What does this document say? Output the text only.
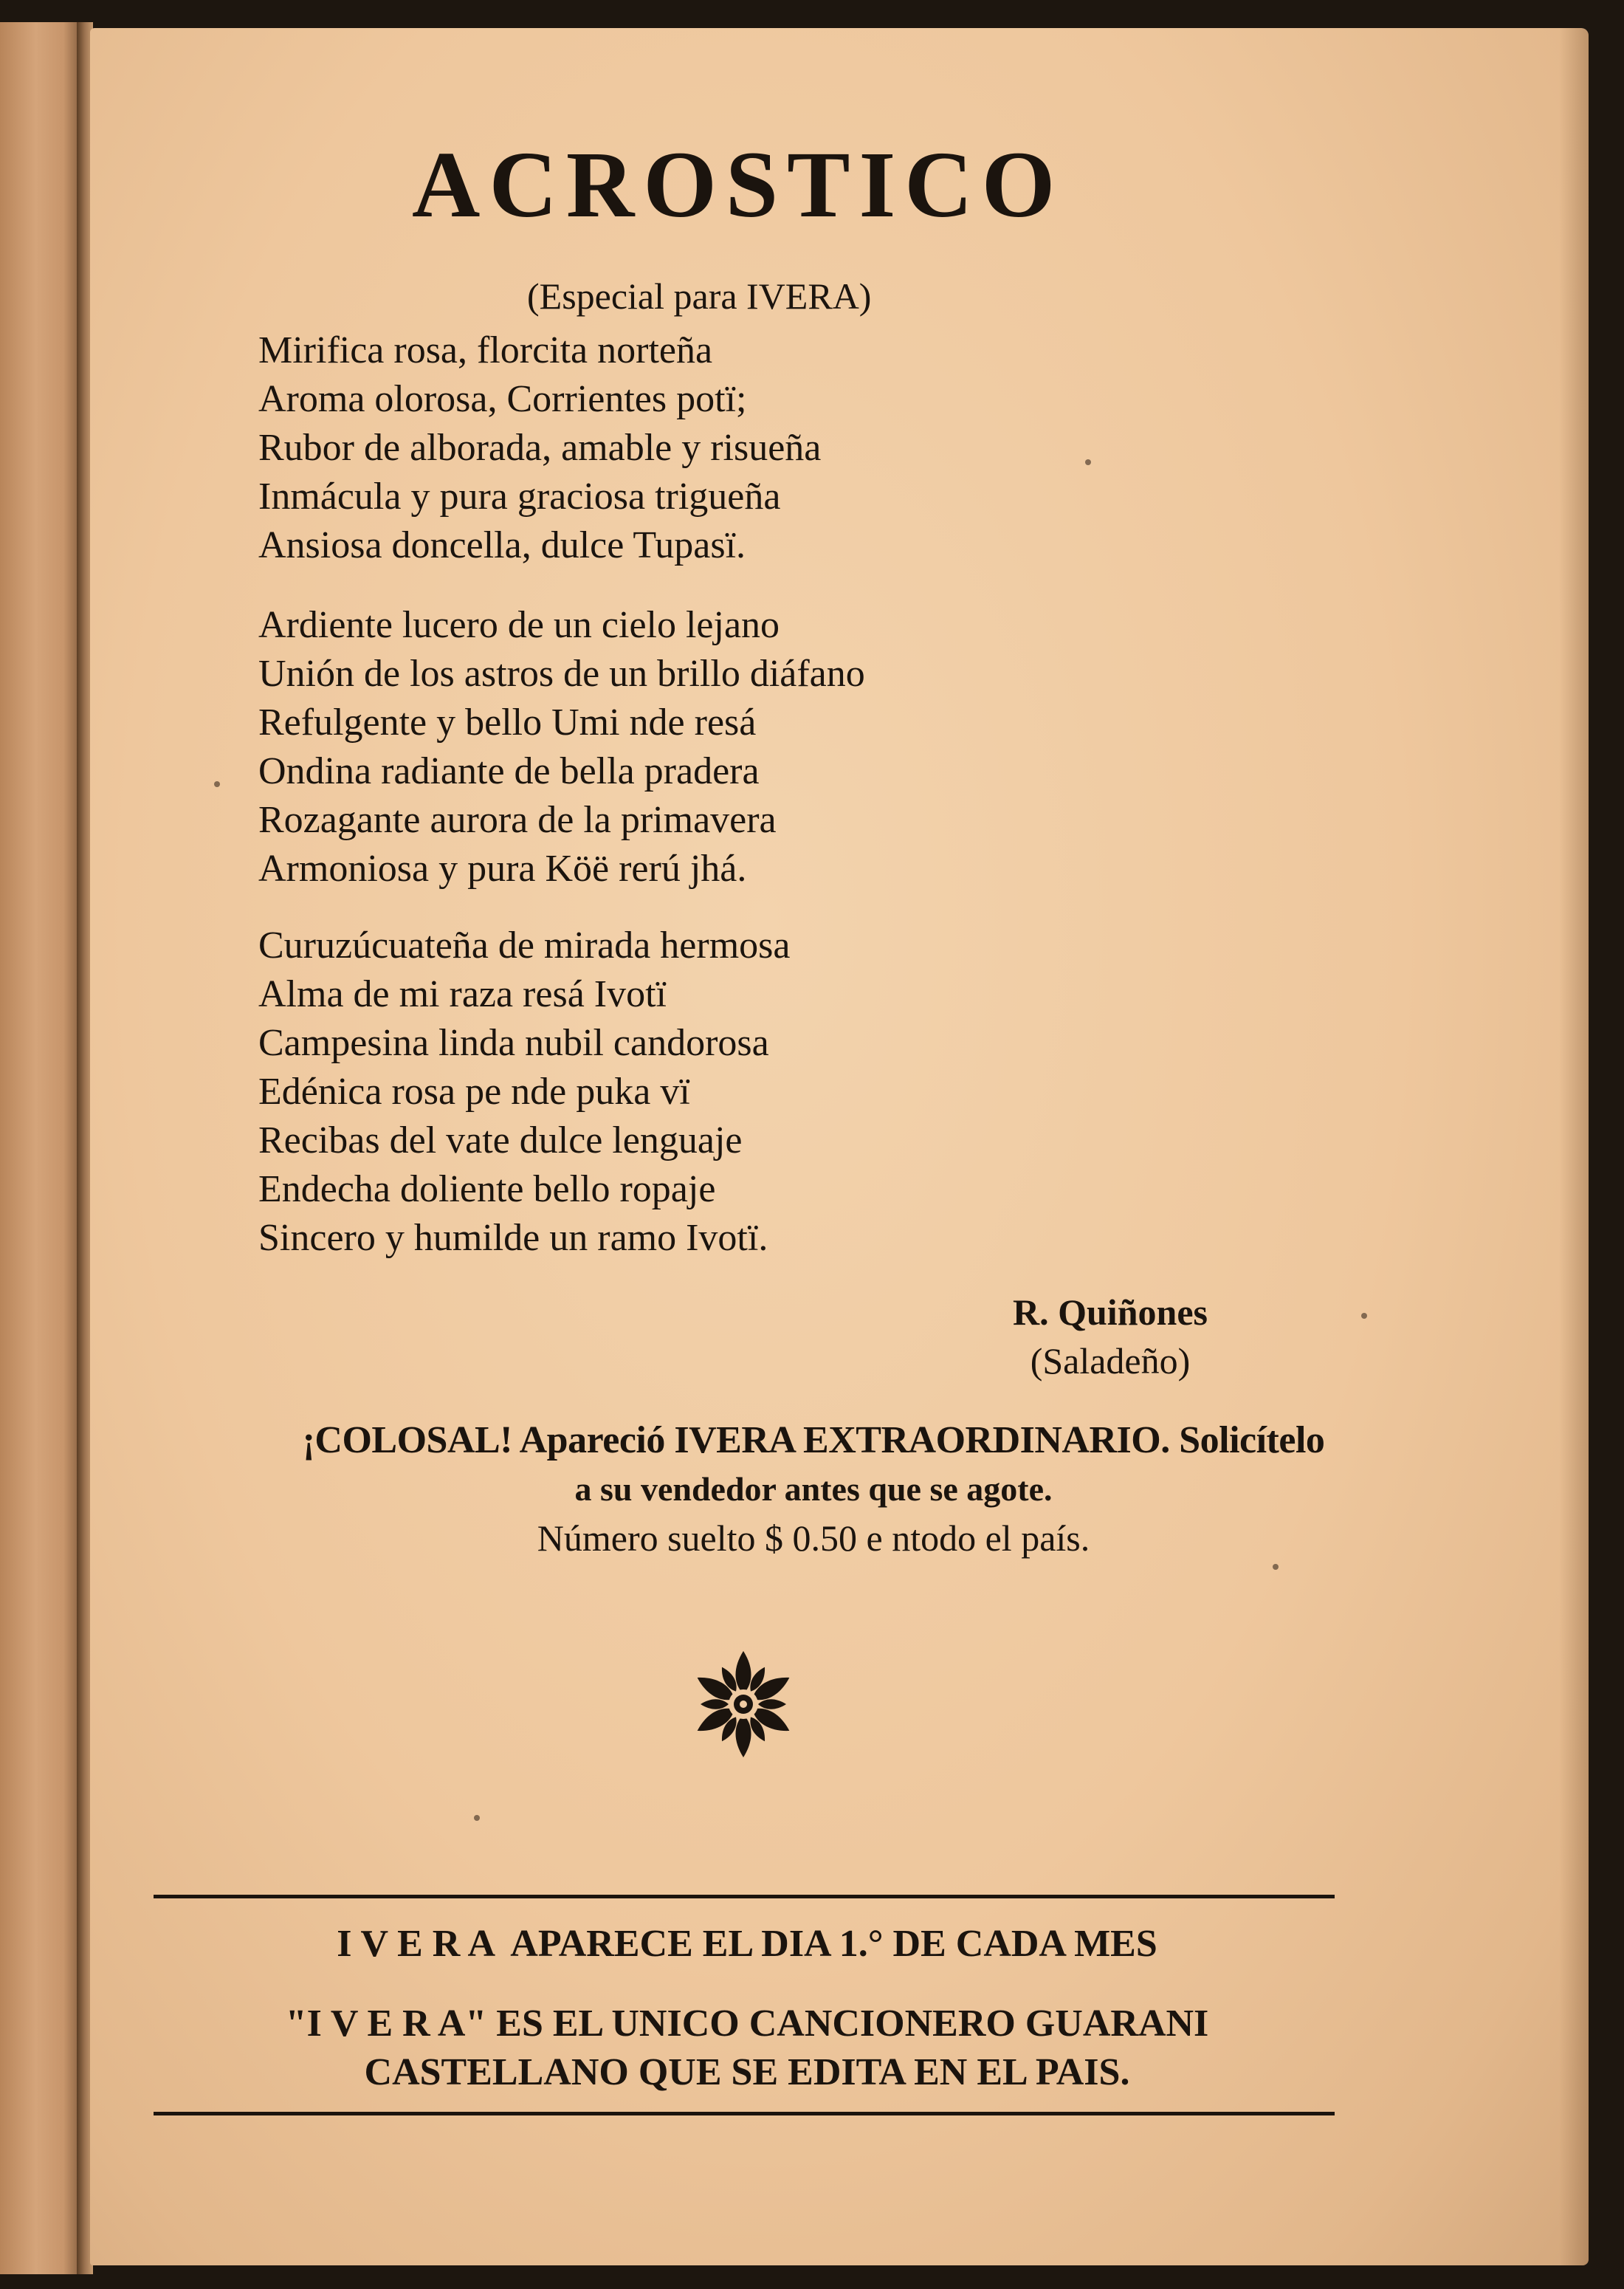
ACROSTICO
(Especial para IVERA)
Mirifica rosa, florcita norteña
Aroma olorosa, Corrientes potï;
Rubor de alborada, amable y risueña
Inmácula y pura graciosa trigueña
Ansiosa doncella, dulce Tupasï.
Ardiente lucero de un cielo lejano
Unión de los astros de un brillo diáfano
Refulgente y bello Umi nde resá
Ondina radiante de bella pradera
Rozagante aurora de la primavera
Armoniosa y pura Köë rerú jhá.
Curuzúcuateña de mirada hermosa
Alma de mi raza resá Ivotï
Campesina linda nubil candorosa
Edénica rosa pe nde puka vï
Recibas del vate dulce lenguaje
Endecha doliente bello ropaje
Sincero y humilde un ramo Ivotï.
R. Quiñones
(Saladeño)
¡COLOSAL! Apareció IVERA EXTRAORDINARIO. Solicítelo
a su vendedor antes que se agote.
Número suelto $ 0.50 e ntodo el país.
I V E R A  APARECE EL DIA 1.° DE CADA MES
"I V E R A" ES EL UNICO CANCIONERO GUARANI
CASTELLANO QUE SE EDITA EN EL PAIS.
